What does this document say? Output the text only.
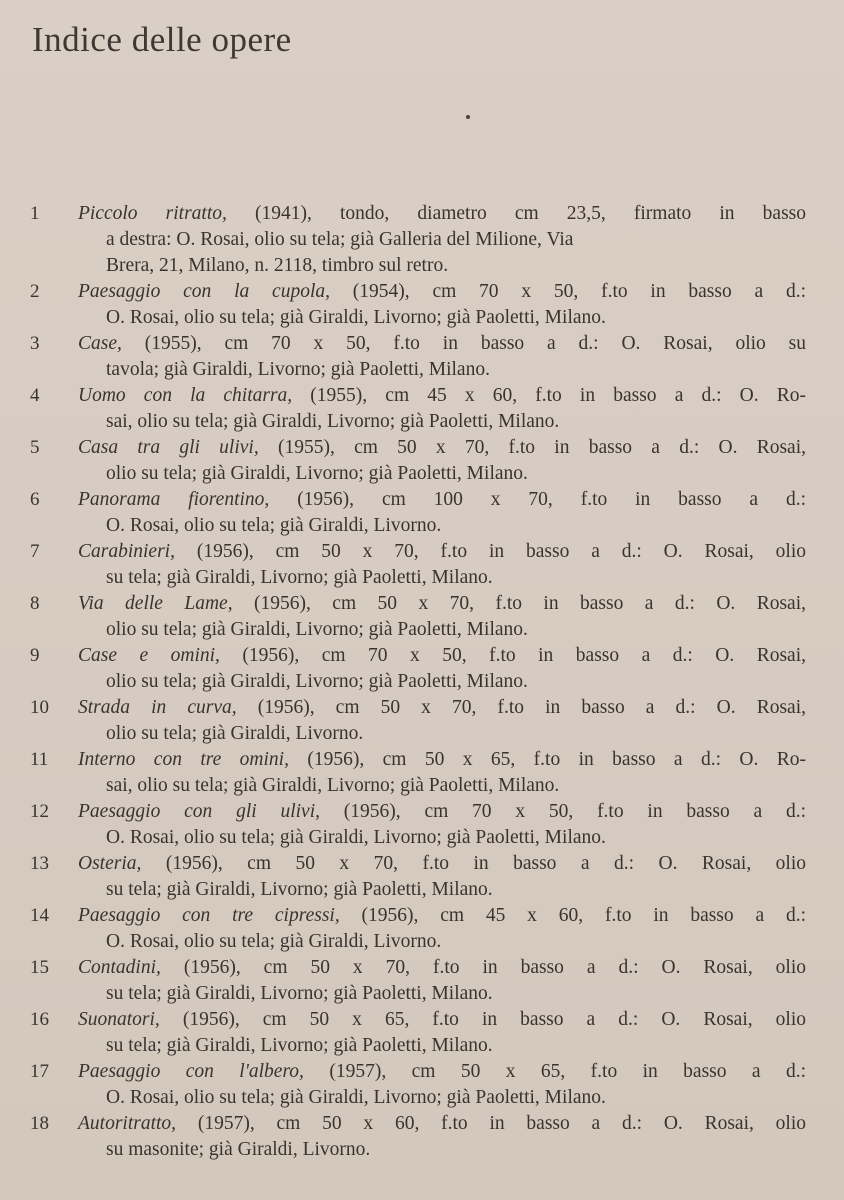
Indice delle opere
1	Piccolo ritratto, (1941), tondo, diametro cm 23,5, firmato in basso
a destra: O. Rosai, olio su tela; già Galleria del Milione, Via
Brera, 21, Milano, n. 2118, timbro sul retro.
2	Paesaggio con la cupola, (1954), cm 70 x 50, f.to in basso a d.:
O. Rosai, olio su tela; già Giraldi, Livorno; già Paoletti, Milano.
3	Case, (1955), cm 70 x 50, f.to in basso a d.: O. Rosai, olio su
tavola; già Giraldi, Livorno; già Paoletti, Milano.
4	Uomo con la chitarra, (1955), cm 45 x 60, f.to in basso a d.: O. Ro-
sai, olio su tela; già Giraldi, Livorno; già Paoletti, Milano.
5	Casa tra gli ulivi, (1955), cm 50 x 70, f.to in basso a d.: O. Rosai,
olio su tela; già Giraldi, Livorno; già Paoletti, Milano.
6	Panorama fiorentino, (1956), cm 100 x 70, f.to in basso a d.:
O. Rosai, olio su tela; già Giraldi, Livorno.
7	Carabinieri, (1956), cm 50 x 70, f.to in basso a d.: O. Rosai, olio
su tela; già Giraldi, Livorno; già Paoletti, Milano.
8	Via delle Lame, (1956), cm 50 x 70, f.to in basso a d.: O. Rosai,
olio su tela; già Giraldi, Livorno; già Paoletti, Milano.
9	Case e omini, (1956), cm 70 x 50, f.to in basso a d.: O. Rosai,
olio su tela; già Giraldi, Livorno; già Paoletti, Milano.
10	Strada in curva, (1956), cm 50 x 70, f.to in basso a d.: O. Rosai,
olio su tela; già Giraldi, Livorno.
11	Interno con tre omini, (1956), cm 50 x 65, f.to in basso a d.: O. Ro-
sai, olio su tela; già Giraldi, Livorno; già Paoletti, Milano.
12	Paesaggio con gli ulivi, (1956), cm 70 x 50, f.to in basso a d.:
O. Rosai, olio su tela; già Giraldi, Livorno; già Paoletti, Milano.
13	Osteria, (1956), cm 50 x 70, f.to in basso a d.: O. Rosai, olio
su tela; già Giraldi, Livorno; già Paoletti, Milano.
14	Paesaggio con tre cipressi, (1956), cm 45 x 60, f.to in basso a d.:
O. Rosai, olio su tela; già Giraldi, Livorno.
15	Contadini, (1956), cm 50 x 70, f.to in basso a d.: O. Rosai, olio
su tela; già Giraldi, Livorno; già Paoletti, Milano.
16	Suonatori, (1956), cm 50 x 65, f.to in basso a d.: O. Rosai, olio
su tela; già Giraldi, Livorno; già Paoletti, Milano.
17	Paesaggio con l'albero, (1957), cm 50 x 65, f.to in basso a d.:
O. Rosai, olio su tela; già Giraldi, Livorno; già Paoletti, Milano.
18	Autoritratto, (1957), cm 50 x 60, f.to in basso a d.: O. Rosai, olio
su masonite; già Giraldi, Livorno.
